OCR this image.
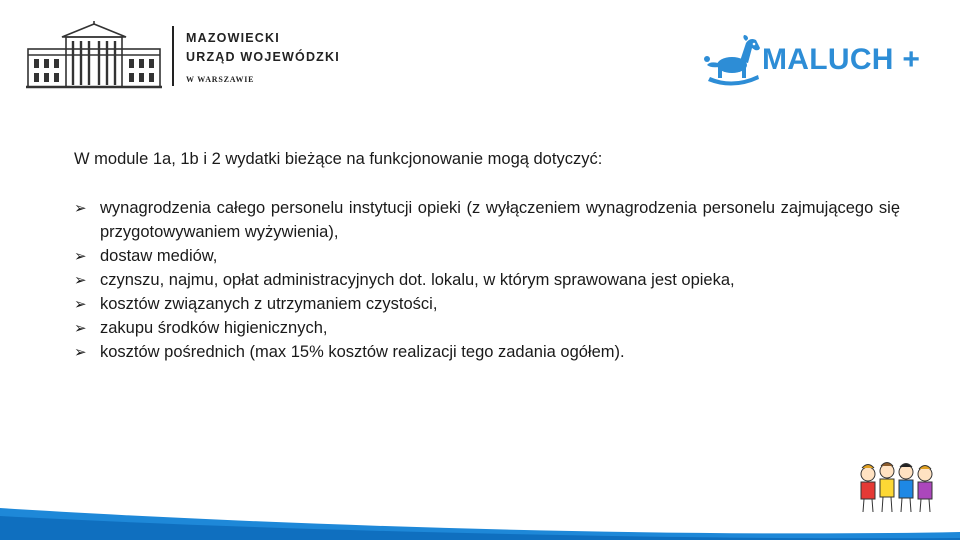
MAZOWIECKI
URZĄD WOJEWÓDZKI
W WARSZAWIE
MALUCH +

W module 1a, 1b i 2 wydatki bieżące na funkcjonowanie mogą dotyczyć:

➢ wynagrodzenia całego personelu instytucji opieki (z wyłączeniem wynagrodzenia personelu zajmującego się przygotowywaniem wyżywienia),
➢ dostaw mediów,
➢ czynszu, najmu, opłat administracyjnych dot. lokalu, w którym sprawowana jest opieka,
➢ kosztów związanych z utrzymaniem czystości,
➢ zakupu środków higienicznych,
➢ kosztów pośrednich (max 15% kosztów realizacji tego zadania ogółem).
